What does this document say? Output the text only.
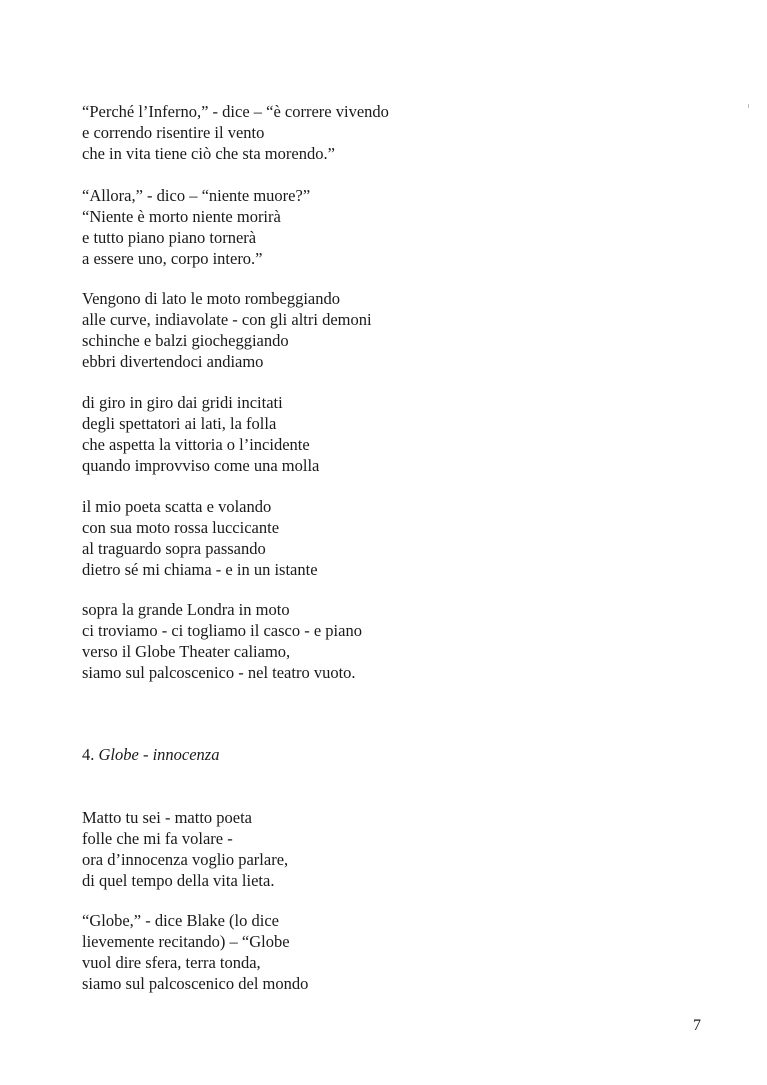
“Perché l’Inferno,” - dice – “è correre vivendo
e correndo risentire il vento
che in vita tiene ciò che sta morendo.”
“Allora,” - dico – “niente muore?”
“Niente è morto niente morirà
e tutto piano piano tornerà
a essere uno, corpo intero.”
Vengono di lato le moto rombeggiando
alle curve, indiavolate - con gli altri demoni
schinche e balzi giocheggiando
ebbri divertendoci andiamo
di giro in giro dai gridi incitati
degli spettatori ai lati, la folla
che aspetta la vittoria o l’incidente
quando improvviso come una molla
il mio poeta scatta e volando
con sua moto rossa luccicante
al traguardo sopra passando
dietro sé mi chiama - e in un istante
sopra la grande Londra in moto
ci troviamo - ci togliamo il casco - e piano
verso il Globe Theater caliamo,
siamo sul palcoscenico - nel teatro vuoto.
4. Globe - innocenza
Matto tu sei - matto poeta
folle che mi fa volare -
ora d’innocenza voglio parlare,
di quel tempo della vita lieta.
“Globe,” - dice Blake (lo dice
lievemente recitando) – “Globe
vuol dire sfera, terra tonda,
siamo sul palcoscenico del mondo
7
